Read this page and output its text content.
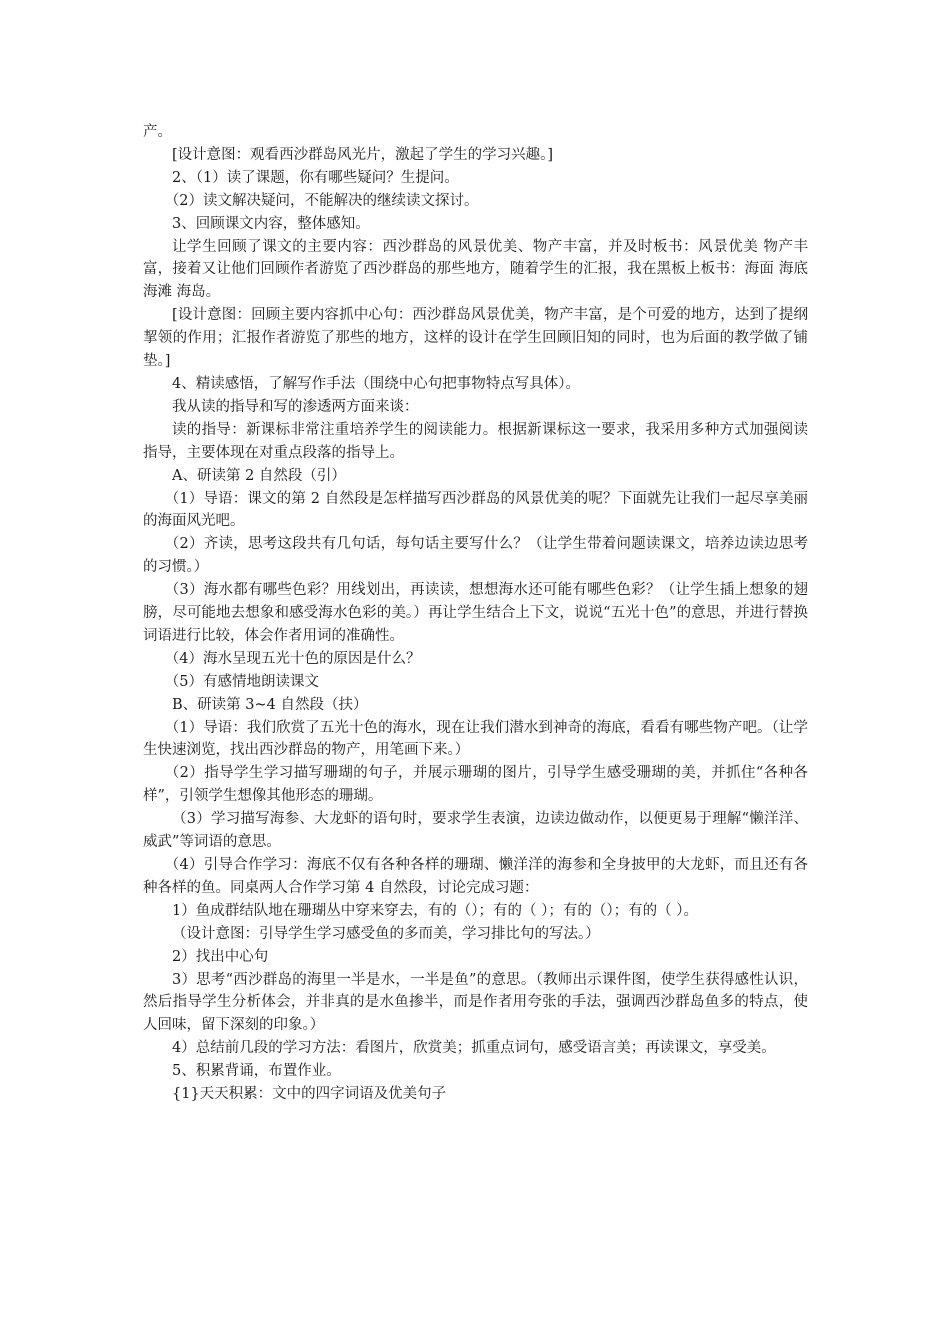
产。

[设计意图：观看西沙群岛风光片，激起了学生的学习兴趣。]

2、（1）读了课题，你有哪些疑问？生提问。

（2）读文解决疑问，不能解决的继续读文探讨。

3、回顾课文内容，整体感知。

让学生回顾了课文的主要内容：西沙群岛的风景优美、物产丰富，并及时板书：风景优美 物产丰富，接着又让他们回顾作者游览了西沙群岛的那些地方，随着学生的汇报，我在黑板上板书：海面 海底 海滩 海岛。

[设计意图：回顾主要内容抓中心句：西沙群岛风景优美，物产丰富，是个可爱的地方，达到了提纲挈领的作用；汇报作者游览了那些的地方，这样的设计在学生回顾旧知的同时，也为后面的教学做了铺垫。]

4、精读感悟，了解写作手法（围绕中心句把事物特点写具体）。

我从读的指导和写的渗透两方面来谈：

读的指导：新课标非常注重培养学生的阅读能力。根据新课标这一要求，我采用多种方式加强阅读指导，主要体现在对重点段落的指导上。

A、研读第 2 自然段（引）

（1）导语：课文的第 2 自然段是怎样描写西沙群岛的风景优美的呢？下面就先让我们一起尽享美丽的海面风光吧。

（2）齐读，思考这段共有几句话，每句话主要写什么？（让学生带着问题读课文，培养边读边思考的习惯。）

（3）海水都有哪些色彩？用线划出，再读读，想想海水还可能有哪些色彩？（让学生插上想象的翅膀，尽可能地去想象和感受海水色彩的美。）再让学生结合上下文，说说“五光十色”的意思，并进行替换词语进行比较，体会作者用词的准确性。

（4）海水呈现五光十色的原因是什么？

（5）有感情地朗读课文

B、研读第 3~4 自然段（扶）

（1）导语：我们欣赏了五光十色的海水，现在让我们潜水到神奇的海底，看看有哪些物产吧。（让学生快速浏览，找出西沙群岛的物产，用笔画下来。）

（2）指导学生学习描写珊瑚的句子，并展示珊瑚的图片，引导学生感受珊瑚的美，并抓住“各种各样”，引领学生想像其他形态的珊瑚。

（3）学习描写海参、大龙虾的语句时，要求学生表演，边读边做动作，以便更易于理解“懒洋洋、威武”等词语的意思。

（4）引导合作学习：海底不仅有各种各样的珊瑚、懒洋洋的海参和全身披甲的大龙虾，而且还有各种各样的鱼。同桌两人合作学习第 4 自然段，讨论完成习题：

1）鱼成群结队地在珊瑚丛中穿来穿去，有的（）；有的（ ）；有的（）；有的（ ）。

（设计意图：引导学生学习感受鱼的多而美，学习排比句的写法。）

2）找出中心句

3）思考“西沙群岛的海里一半是水，一半是鱼”的意思。（教师出示课件图，使学生获得感性认识，然后指导学生分析体会，并非真的是水鱼掺半，而是作者用夸张的手法，强调西沙群岛鱼多的特点，使人回味，留下深刻的印象。）

4）总结前几段的学习方法：看图片，欣赏美；抓重点词句，感受语言美；再读课文，享受美。

5、积累背诵，布置作业。

{1}天天积累：文中的四字词语及优美句子
